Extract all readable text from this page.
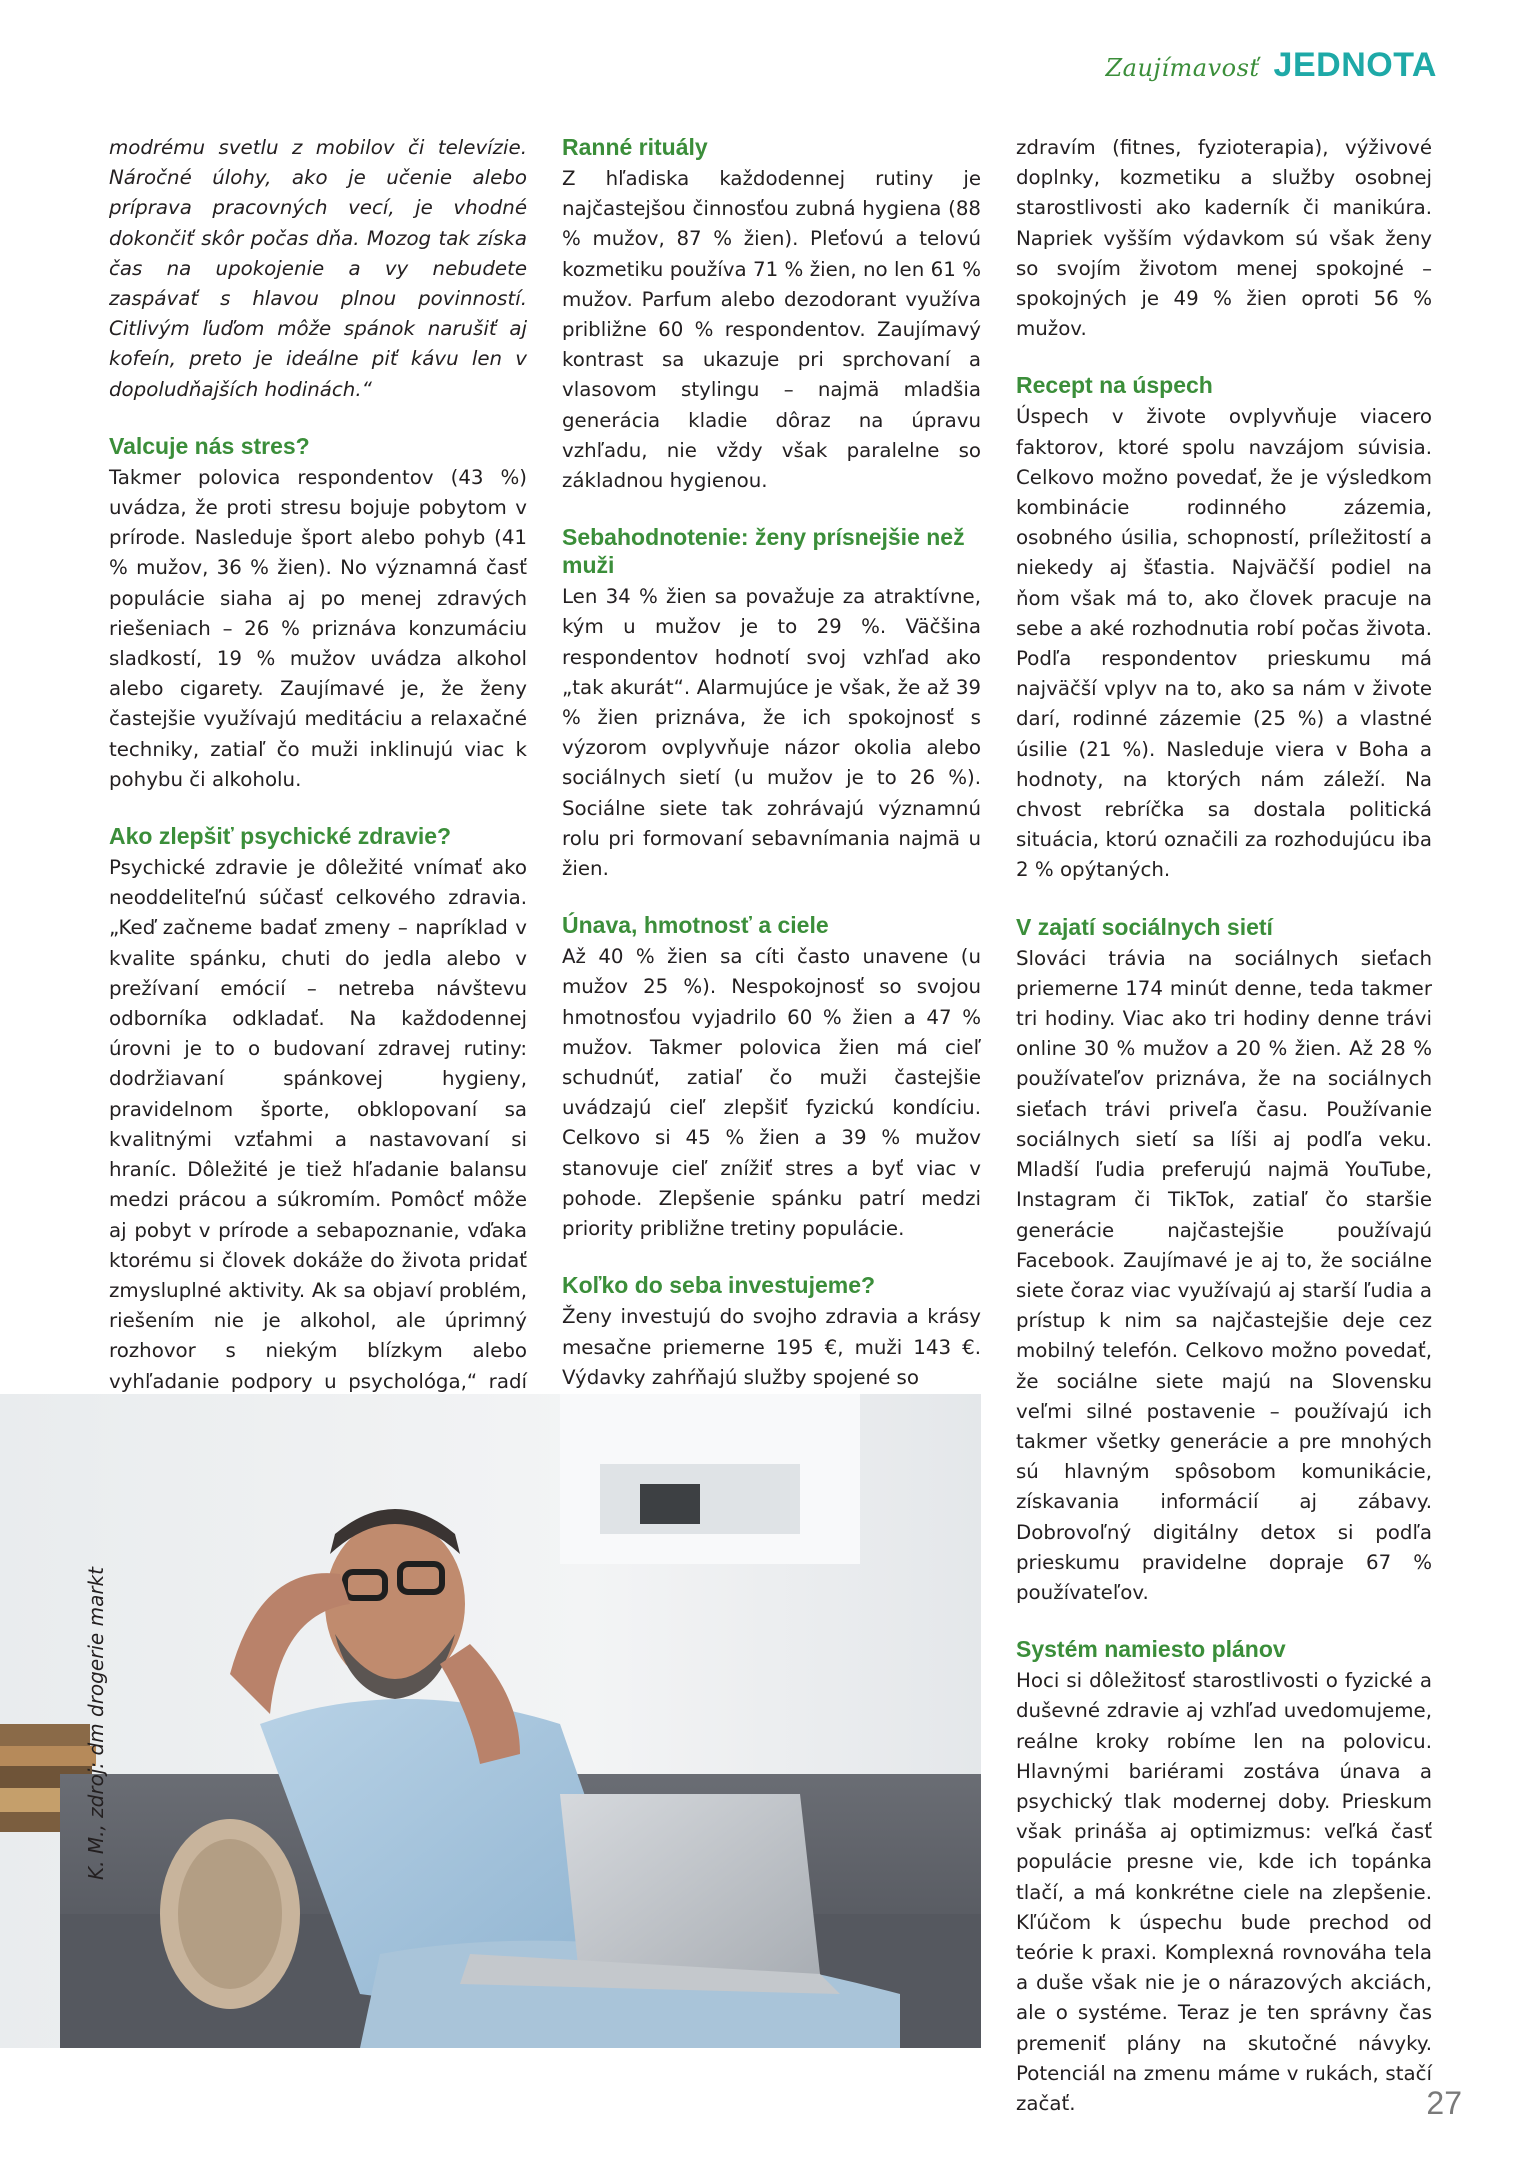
Zaujímavosť JEDNOTA

modrému svetlu z mobilov či televízie. Náročné úlohy, ako je učenie alebo príprava pracovných vecí, je vhodné dokončiť skôr počas dňa. Mozog tak získa čas na upokojenie a vy nebudete zaspávať s hlavou plnou povinností. Citlivým ľuďom môže spánok narušiť aj kofeín, preto je ideálne piť kávu len v dopoludňajších hodinách.“

Valcuje nás stres?

Takmer polovica respondentov (43 %) uvádza, že proti stresu bojuje pobytom v prírode. Nasleduje šport alebo pohyb (41 % mužov, 36 % žien). No významná časť populácie siaha aj po menej zdravých riešeniach – 26 % priznáva konzumáciu sladkostí, 19 % mužov uvádza alkohol alebo cigarety. Zaujímavé je, že ženy častejšie využívajú meditáciu a relaxačné techniky, zatiaľ čo muži inklinujú viac k pohybu či alkoholu.

Ako zlepšiť psychické zdravie?

Psychické zdravie je dôležité vnímať ako neoddeliteľnú súčasť celkového zdravia. „Keď začneme badať zmeny – napríklad v kvalite spánku, chuti do jedla alebo v prežívaní emócií – netreba návštevu odborníka odkladať. Na každodennej úrovni je to o budovaní zdravej rutiny: dodržiavaní spánkovej hygieny, pravidelnom športe, obklopovaní sa kvalitnými vzťahmi a nastavovaní si hraníc. Dôležité je tiež hľadanie balansu medzi prácou a súkromím. Pomôcť môže aj pobyt v prírode a sebapoznanie, vďaka ktorému si človek dokáže do života pridať zmysluplné aktivity. Ak sa objaví problém, riešením nie je alkohol, ale úprimný rozhovor s niekým blízkym alebo vyhľadanie podpory u psychológa,“ radí

Ranné rituály

Z hľadiska každodennej rutiny je najčastejšou činnosťou zubná hygiena (88 % mužov, 87 % žien). Pleťovú a telovú kozmetiku používa 71 % žien, no len 61 % mužov. Parfum alebo dezodorant využíva približne 60 % respondentov. Zaujímavý kontrast sa ukazuje pri sprchovaní a vlasovom stylingu – najmä mladšia generácia kladie dôraz na úpravu vzhľadu, nie vždy však paralelne so základnou hygienou.

Sebahodnotenie: ženy prísnejšie než muži

Len 34 % žien sa považuje za atraktívne, kým u mužov je to 29 %. Väčšina respondentov hodnotí svoj vzhľad ako „tak akurát“. Alarmujúce je však, že až 39 % žien priznáva, že ich spokojnosť s výzorom ovplyvňuje názor okolia alebo sociálnych sietí (u mužov je to 26 %). Sociálne siete tak zohrávajú významnú rolu pri formovaní sebavnímania najmä u žien.

Únava, hmotnosť a ciele

Až 40 % žien sa cíti často unavene (u mužov 25 %). Nespokojnosť so svojou hmotnosťou vyjadrilo 60 % žien a 47 % mužov. Takmer polovica žien má cieľ schudnúť, zatiaľ čo muži častejšie uvádzajú cieľ zlepšiť fyzickú kondíciu. Celkovo si 45 % žien a 39 % mužov stanovuje cieľ znížiť stres a byť viac v pohode. Zlepšenie spánku patrí medzi priority približne tretiny populácie.

Koľko do seba investujeme?

Ženy investujú do svojho zdravia a krásy mesačne priemerne 195 €, muži 143 €. Výdavky zahŕňajú služby spojené so

zdravím (fitnes, fyzioterapia), výživové doplnky, kozmetiku a služby osobnej starostlivosti ako kaderník či manikúra. Napriek vyšším výdavkom sú však ženy so svojím životom menej spokojné – spokojných je 49 % žien oproti 56 % mužov.

Recept na úspech

Úspech v živote ovplyvňuje viacero faktorov, ktoré spolu navzájom súvisia. Celkovo možno povedať, že je výsledkom kombinácie rodinného zázemia, osobného úsilia, schopností, príležitostí a niekedy aj šťastia. Najväčší podiel na ňom však má to, ako človek pracuje na sebe a aké rozhodnutia robí počas života. Podľa respondentov prieskumu má najväčší vplyv na to, ako sa nám v živote darí, rodinné zázemie (25 %) a vlastné úsilie (21 %). Nasleduje viera v Boha a hodnoty, na ktorých nám záleží. Na chvost rebríčka sa dostala politická situácia, ktorú označili za rozhodujúcu iba 2 % opýtaných.

V zajatí sociálnych sietí

Slováci trávia na sociálnych sieťach priemerne 174 minút denne, teda takmer tri hodiny. Viac ako tri hodiny denne trávi online 30 % mužov a 20 % žien. Až 28 % používateľov priznáva, že na sociálnych sieťach trávi priveľa času. Používanie sociálnych sietí sa líši aj podľa veku. Mladší ľudia preferujú najmä YouTube, Instagram či TikTok, zatiaľ čo staršie generácie najčastejšie používajú Facebook. Zaujímavé je aj to, že sociálne siete čoraz viac využívajú aj starší ľudia a prístup k nim sa najčastejšie deje cez mobilný telefón. Celkovo možno povedať, že sociálne siete majú na Slovensku veľmi silné postavenie – používajú ich takmer všetky generácie a pre mnohých sú hlavným spôsobom komunikácie, získavania informácií aj zábavy. Dobrovoľný digitálny detox si podľa prieskumu pravidelne dopraje 67 % používateľov.

Systém namiesto plánov

Hoci si dôležitosť starostlivosti o fyzické a duševné zdravie aj vzhľad uvedomujeme, reálne kroky robíme len na polovicu. Hlavnými bariérami zostáva únava a psychický tlak modernej doby. Prieskum však prináša aj optimizmus: veľká časť populácie presne vie, kde ich topánka tlačí, a má konkrétne ciele na zlepšenie. Kľúčom k úspechu bude prechod od teórie k praxi. Komplexná rovnováha tela a duše však nie je o nárazových akciách, ale o systéme. Teraz je ten správny čas premeniť plány na skutočné návyky. Potenciál na zmenu máme v rukách, stačí začať.

K. M., zdroj: dm drogerie markt
27
